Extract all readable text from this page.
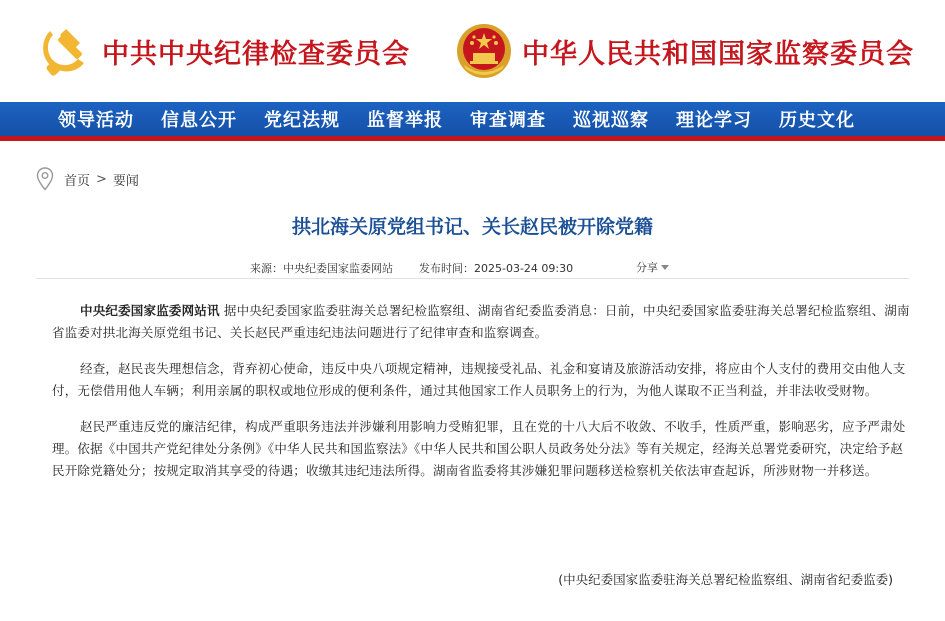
中共中央纪律检查委员会	中华人民共和国国家监察委员会
领导活动 信息公开 党纪法规 监督举报 审查调查 巡视巡察 理论学习 历史文化
首页 > 要闻
拱北海关原党组书记、关长赵民被开除党籍
来源： 中央纪委国家监委网站 发布时间： 2025-03-24 09:30	分享

中央纪委国家监委网站讯 据中央纪委国家监委驻海关总署纪检监察组、湖南省纪委监委消息：日前，中央纪委国家监委驻海关总署纪检监察组、湖南省监委对拱北海关原党组书记、关长赵民严重违纪违法问题进行了纪律审查和监察调查。

经查，赵民丧失理想信念，背弃初心使命，违反中央八项规定精神，违规接受礼品、礼金和宴请及旅游活动安排，将应由个人支付的费用交由他人支付，无偿借用他人车辆；利用亲属的职权或地位形成的便利条件，通过其他国家工作人员职务上的行为，为他人谋取不正当利益，并非法收受财物。

赵民严重违反党的廉洁纪律，构成严重职务违法并涉嫌利用影响力受贿犯罪，且在党的十八大后不收敛、不收手，性质严重，影响恶劣，应予严肃处理。依据《中国共产党纪律处分条例》《中华人民共和国监察法》《中华人民共和国公职人员政务处分法》等有关规定，经海关总署党委研究，决定给予赵民开除党籍处分；按规定取消其享受的待遇；收缴其违纪违法所得。湖南省监委将其涉嫌犯罪问题移送检察机关依法审查起诉，所涉财物一并移送。

(中央纪委国家监委驻海关总署纪检监察组、湖南省纪委监委)
